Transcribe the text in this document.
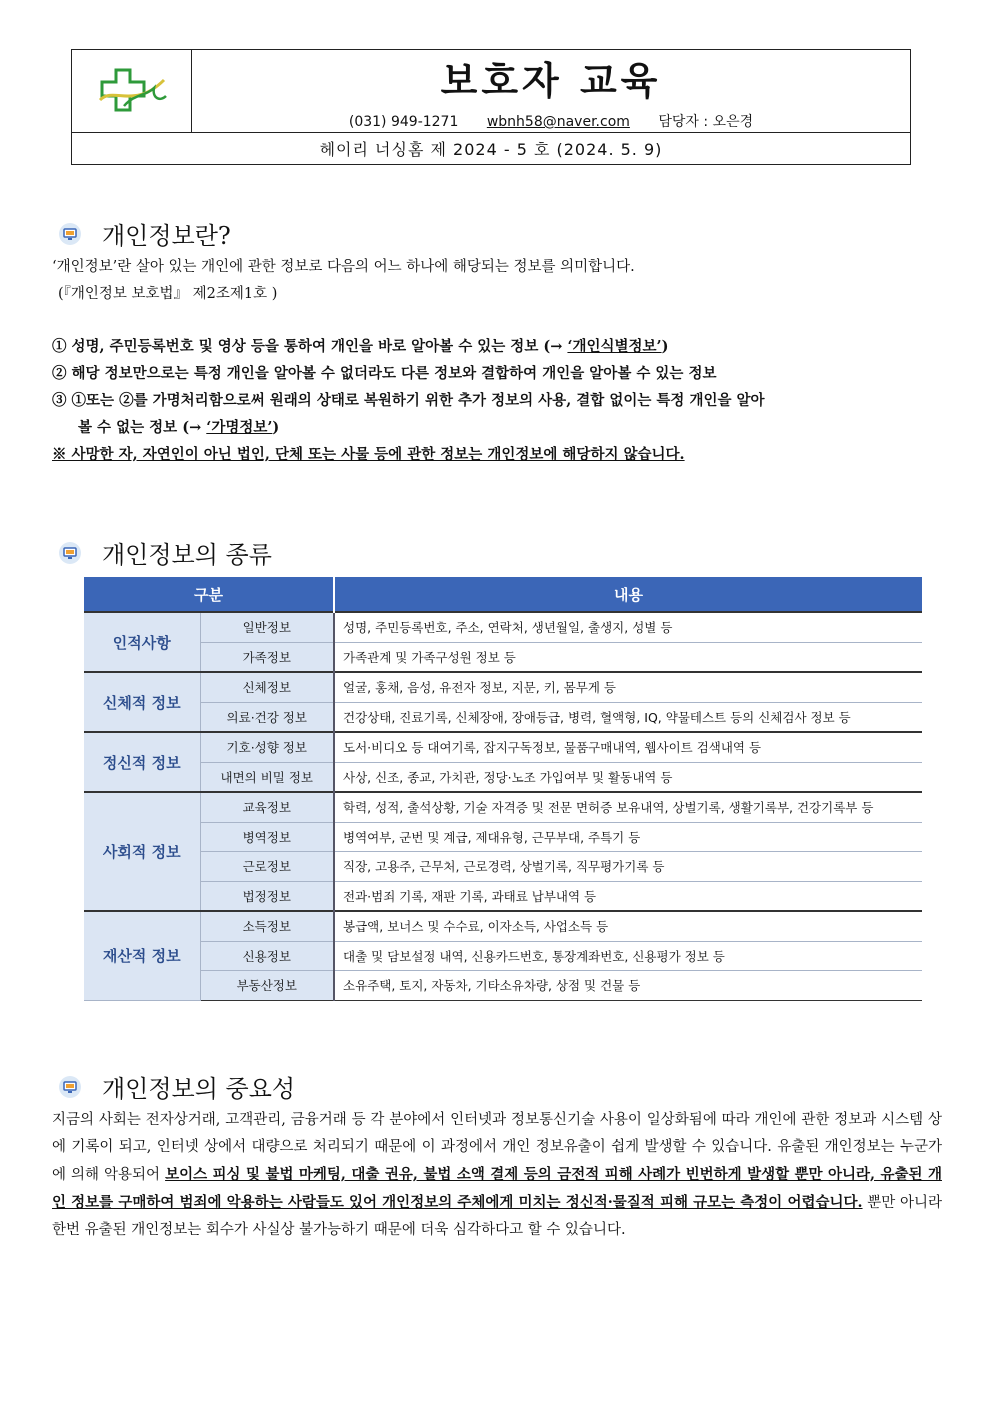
보호자 교육
(031) 949-1271 wbnh58@naver.com 담당자 : 오은경
헤이리 너싱홈 제 2024 - 5 호 (2024. 5. 9)
개인정보란?
‘개인정보’란 살아 있는 개인에 관한 정보로 다음의 어느 하나에 해당되는 정보를 의미합니다.
(『개인정보 보호법』 제2조제1호 )
① 성명, 주민등록번호 및 영상 등을 통하여 개인을 바로 알아볼 수 있는 정보 (→ ‘개인식별정보’)
② 해당 정보만으로는 특정 개인을 알아볼 수 없더라도 다른 정보와 결합하여 개인을 알아볼 수 있는 정보
③ ①또는 ②를 가명처리함으로써 원래의 상태로 복원하기 위한 추가 정보의 사용, 결합 없이는 특정 개인을 알아
볼 수 없는 정보 (→ ‘가명정보’)
※ 사망한 자, 자연인이 아닌 법인, 단체 또는 사물 등에 관한 정보는 개인정보에 해당하지 않습니다.
개인정보의 종류
구분		내용
인적사항	일반정보	성명, 주민등록번호, 주소, 연락처, 생년월일, 출생지, 성별 등
	가족정보	가족관계 및 가족구성원 정보 등
신체적 정보	신체정보	얼굴, 홍채, 음성, 유전자 정보, 지문, 키, 몸무게 등
	의료·건강 정보	건강상태, 진료기록, 신체장애, 장애등급, 병력, 혈액형, IQ, 약물테스트 등의 신체검사 정보 등
정신적 정보	기호·성향 정보	도서·비디오 등 대여기록, 잡지구독정보, 물품구매내역, 웹사이트 검색내역 등
	내면의 비밀 정보	사상, 신조, 종교, 가치관, 정당·노조 가입여부 및 활동내역 등
사회적 정보	교육정보	학력, 성적, 출석상황, 기술 자격증 및 전문 면허증 보유내역, 상벌기록, 생활기록부, 건강기록부 등
	병역정보	병역여부, 군번 및 계급, 제대유형, 근무부대, 주특기 등
	근로정보	직장, 고용주, 근무처, 근로경력, 상벌기록, 직무평가기록 등
	법정정보	전과·범죄 기록, 재판 기록, 과태료 납부내역 등
재산적 정보	소득정보	봉급액, 보너스 및 수수료, 이자소득, 사업소득 등
	신용정보	대출 및 담보설정 내역, 신용카드번호, 통장계좌번호, 신용평가 정보 등
	부동산정보	소유주택, 토지, 자동차, 기타소유차량, 상점 및 건물 등
개인정보의 중요성
지금의 사회는 전자상거래, 고객관리, 금융거래 등 각 분야에서 인터넷과 정보통신기술 사용이 일상화됨에 따라 개인에 관한 정보과 시스템 상에 기록이 되고, 인터넷 상에서 대량으로 처리되기 때문에 이 과정에서 개인 정보유출이 쉽게 발생할 수 있습니다. 유출된 개인정보는 누군가에 의해 악용되어 보이스 피싱 및 불법 마케팅, 대출 권유, 불법 소액 결제 등의 금전적 피해 사례가 빈번하게 발생할 뿐만 아니라, 유출된 개인 정보를 구매하여 범죄에 악용하는 사람들도 있어 개인정보의 주체에게 미치는 정신적·물질적 피해 규모는 측정이 어렵습니다. 뿐만 아니라 한번 유출된 개인정보는 회수가 사실상 불가능하기 때문에 더욱 심각하다고 할 수 있습니다.
